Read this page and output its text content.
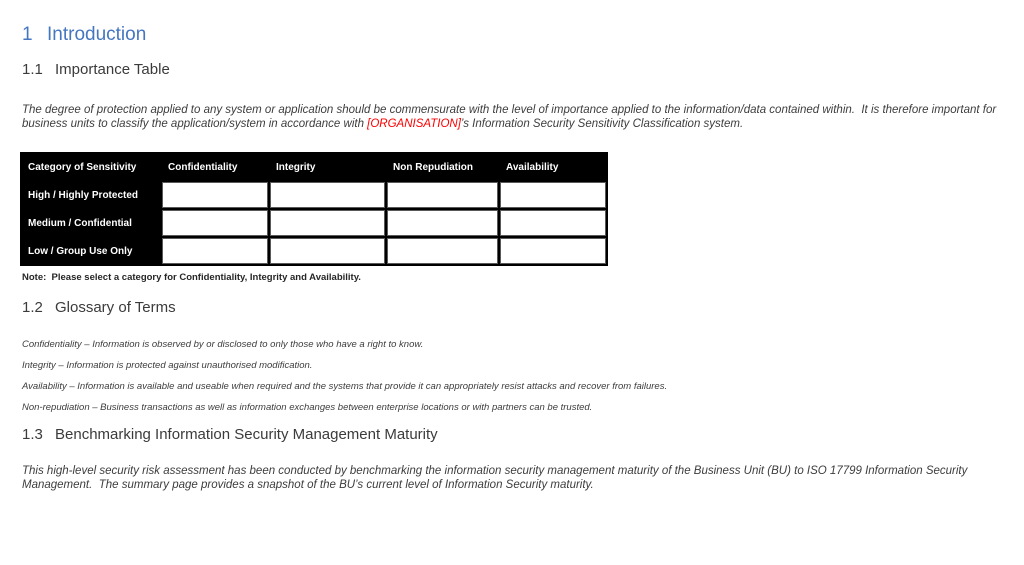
1 Introduction
1.1 Importance Table
The degree of protection applied to any system or application should be commensurate with the level of importance applied to the information/data contained within.  It is therefore important for business units to classify the application/system in accordance with [ORGANISATION]’s Information Security Sensitivity Classification system.
Category of Sensitivity	Confidentiality	Integrity	Non Repudiation	Availability
High / Highly Protected				
Medium / Confidential				
Low / Group Use Only				
Note:  Please select a category for Confidentiality, Integrity and Availability.
1.2 Glossary of Terms
Confidentiality – Information is observed by or disclosed to only those who have a right to know.
Integrity – Information is protected against unauthorised modification.
Availability – Information is available and useable when required and the systems that provide it can appropriately resist attacks and recover from failures.
Non-repudiation – Business transactions as well as information exchanges between enterprise locations or with partners can be trusted.
1.3 Benchmarking Information Security Management Maturity
This high-level security risk assessment has been conducted by benchmarking the information security management maturity of the Business Unit (BU) to ISO 17799 Information Security Management.  The summary page provides a snapshot of the BU’s current level of Information Security maturity.
